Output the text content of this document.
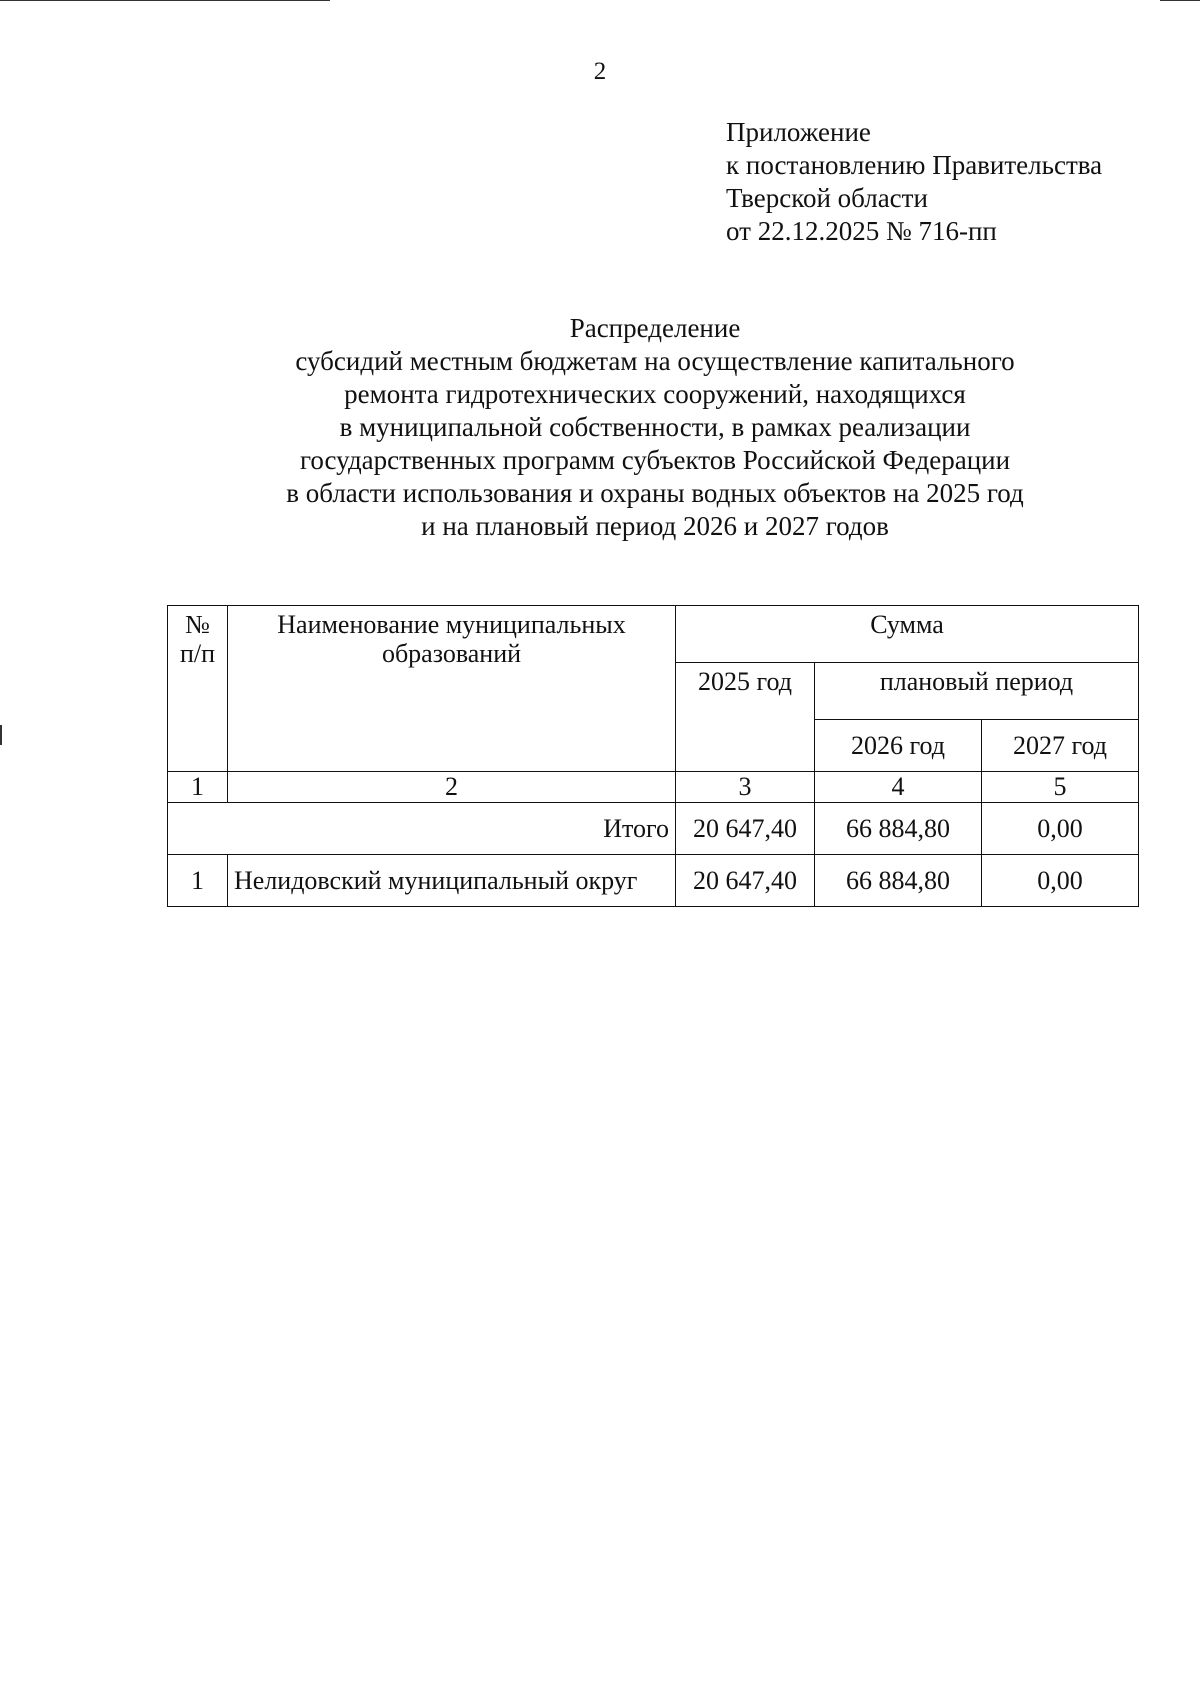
2
Приложение
к постановлению Правительства
Тверской области
от 22.12.2025 № 716-пп
Распределение
субсидий местным бюджетам на осуществление капитального
ремонта гидротехнических сооружений, находящихся
в муниципальной собственности, в рамках реализации
государственных программ субъектов Российской Федерации
в области использования и охраны водных объектов на 2025 год
и на плановый период 2026 и 2027 годов
№ п/п	Наименование муниципальных образований	Сумма		
		2025 год	плановый период	
			2026 год	2027 год
1	2	3	4	5
Итого		20 647,40	66 884,80	0,00
1	Нелидовский муниципальный округ	20 647,40	66 884,80	0,00
